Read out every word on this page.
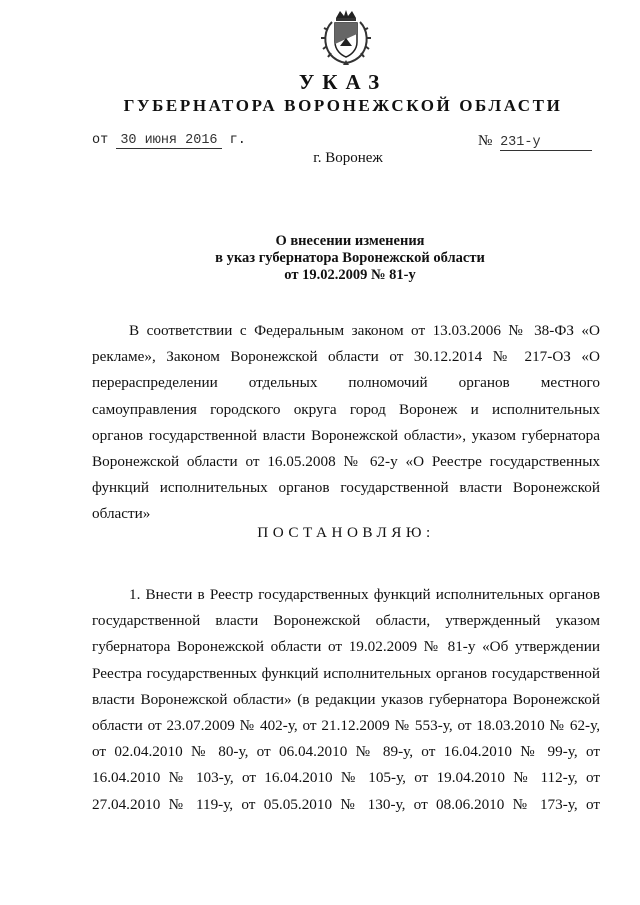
УКАЗ
ГУБЕРНАТОРА ВОРОНЕЖСКОЙ ОБЛАСТИ
от 30 июня 2016 г.	№ 231-у
г. Воронеж
О внесении изменения
в указ губернатора Воронежской области
от 19.02.2009 № 81-у
В соответствии с Федеральным законом от 13.03.2006 № 38-ФЗ «О
рекламе», Законом Воронежской области от 30.12.2014 № 217-ОЗ «О
перераспределении отдельных полномочий органов местного
самоуправления городского округа город Воронеж и исполнительных
органов государственной власти Воронежской области», указом губернатора
Воронежской области от 16.05.2008 № 62-у «О Реестре государственных
функций исполнительных органов государственной власти Воронежской
области»
ПОСТАНОВЛЯЮ:
1. Внести в Реестр государственных функций исполнительных органов
государственной власти Воронежской области, утвержденный указом
губернатора Воронежской области от 19.02.2009 № 81-у «Об утверждении
Реестра государственных функций исполнительных органов государственной
власти Воронежской области» (в редакции указов губернатора Воронежской
области от 23.07.2009 № 402-у, от 21.12.2009 № 553-у, от 18.03.2010 № 62-у,
от 02.04.2010 № 80-у, от 06.04.2010 № 89-у, от 16.04.2010 № 99-у, от
16.04.2010 № 103-у, от 16.04.2010 № 105-у, от 19.04.2010 № 112-у, от
27.04.2010 № 119-у, от 05.05.2010 № 130-у, от 08.06.2010 № 173-у, от
